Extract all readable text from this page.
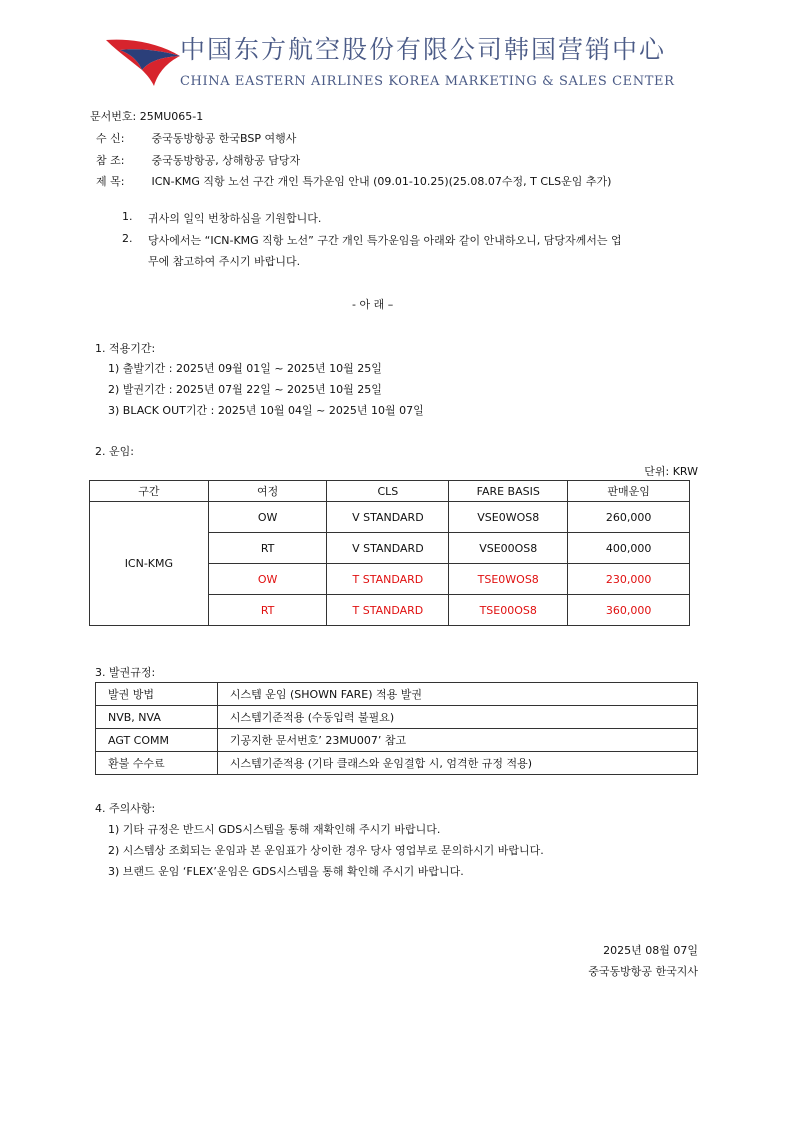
中国东方航空股份有限公司韩国营销中心
CHINA EASTERN AIRLINES KOREA MARKETING & SALES CENTER
문서번호: 25MU065-1
수 신: 중국동방항공 한국BSP 여행사
참 조: 중국동방항공, 상해항공 담당자
제 목: ICN-KMG 직항 노선 구간 개인 특가운임 안내 (09.01-10.25)(25.08.07수정, T CLS운임 추가)
1. 귀사의 일익 번창하심을 기원합니다.
2. 당사에서는 “ICN-KMG 직항 노선” 구간 개인 특가운임을 아래와 같이 안내하오니, 담당자께서는 업
무에 참고하여 주시기 바랍니다.
- 아 래 –
1. 적용기간:
1) 출발기간 : 2025년 09월 01일 ~ 2025년 10월 25일
2) 발권기간 : 2025년 07월 22일 ~ 2025년 10월 25일
3) BLACK OUT기간 : 2025년 10월 04일 ~ 2025년 10월 07일
2. 운임:
단위: KRW
구간	여정	CLS	FARE BASIS	판매운임
ICN-KMG	OW	V STANDARD	VSE0WOS8	260,000
	RT	V STANDARD	VSE00OS8	400,000
	OW	T STANDARD	TSE0WOS8	230,000
	RT	T STANDARD	TSE00OS8	360,000
3. 발권규정:
발권 방법	시스템 운임 (SHOWN FARE) 적용 발권
NVB, NVA	시스템기준적용 (수동입력 불필요)
AGT COMM	기공지한 문서번호’ 23MU007’ 참고
환불 수수료	시스템기준적용 (기타 클래스와 운임결합 시, 엄격한 규정 적용)
4. 주의사항:
1) 기타 규정은 반드시 GDS시스템을 통해 재확인해 주시기 바랍니다.
2) 시스템상 조회되는 운임과 본 운임표가 상이한 경우 당사 영업부로 문의하시기 바랍니다.
3) 브랜드 운임 ‘FLEX’운임은 GDS시스템을 통해 확인해 주시기 바랍니다.
2025년 08월 07일
중국동방항공 한국지사
